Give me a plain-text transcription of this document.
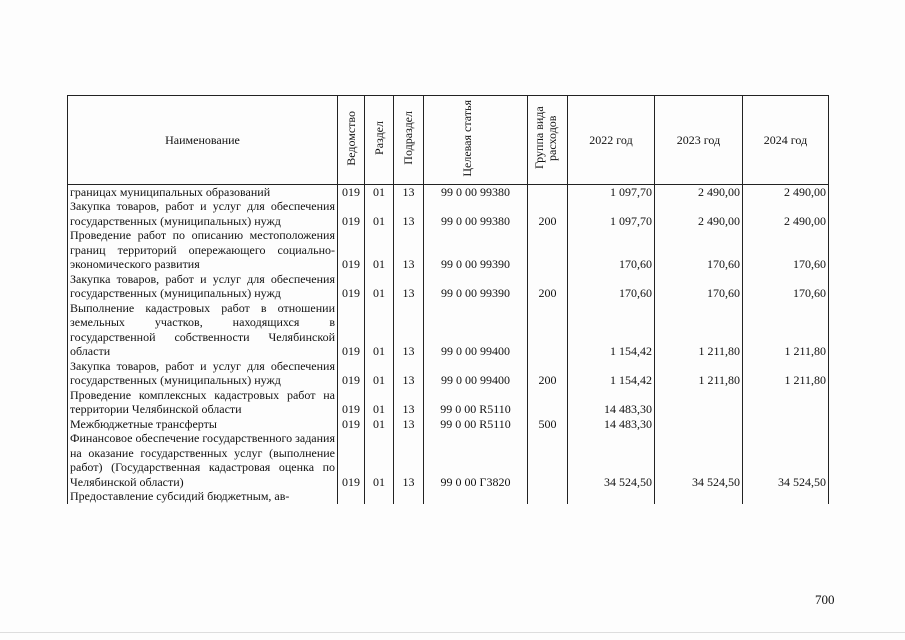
Наименование	Ведомство	Раздел	Подраздел	Целевая статья	Группа вида расходов	2022 год	2023 год	2024 год
границах муниципальных образований	019	01	13	99 0 00 99380		1 097,70	2 490,00	2 490,00
Закупка товаров, работ и услуг для обеспечения государственных (муниципальных) нужд	019	01	13	99 0 00 99380	200	1 097,70	2 490,00	2 490,00
Проведение работ по описанию местоположения границ территорий опережающего социально-экономического развития	019	01	13	99 0 00 99390		170,60	170,60	170,60
Закупка товаров, работ и услуг для обеспечения государственных (муниципальных) нужд	019	01	13	99 0 00 99390	200	170,60	170,60	170,60
Выполнение кадастровых работ в отношении земельных участков, находящихся в государственной собственности Челябинской области	019	01	13	99 0 00 99400		1 154,42	1 211,80	1 211,80
Закупка товаров, работ и услуг для обеспечения государственных (муниципальных) нужд	019	01	13	99 0 00 99400	200	1 154,42	1 211,80	1 211,80
Проведение комплексных кадастровых работ на территории Челябинской области	019	01	13	99 0 00 R5110		14 483,30		
Межбюджетные трансферты	019	01	13	99 0 00 R5110	500	14 483,30		
Финансовое обеспечение государственного задания на оказание государственных услуг (выполнение работ) (Государственная кадастровая оценка по Челябинской области)	019	01	13	99 0 00 Г3820		34 524,50	34 524,50	34 524,50
Предоставление субсидий бюджетным, ав-								
700
